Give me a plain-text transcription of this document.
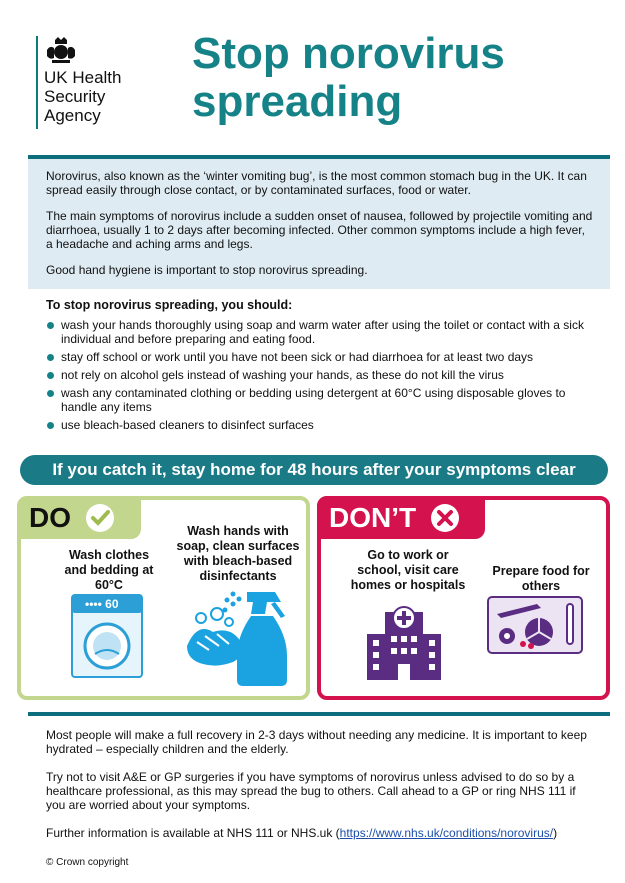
UK Health
Security
Agency
Stop norovirus
spreading

Norovirus, also known as the ‘winter vomiting bug’, is the most common stomach bug in the UK. It can spread easily through close contact, or by contaminated surfaces, food or water.

The main symptoms of norovirus include a sudden onset of nausea, followed by projectile vomiting and diarrhoea, usually 1 to 2 days after becoming infected. Other common symptoms include a high fever, a headache and aching arms and legs.

Good hand hygiene is important to stop norovirus spreading.

To stop norovirus spreading, you should:
wash your hands thoroughly using soap and warm water after using the toilet or contact with a sick individual and before preparing and eating food.
stay off school or work until you have not been sick or had diarrhoea for at least two days
not rely on alcohol gels instead of washing your hands, as these do not kill the virus
wash any contaminated clothing or bedding using detergent at 60°C using disposable gloves to handle any items
use bleach-based cleaners to disinfect surfaces
If you catch it, stay home for 48 hours after your symptoms clear
DO
Wash clothes and bedding at 60°C
Wash hands with soap, clean surfaces with bleach-based disinfectants
•••• 60
DON’T
Go to work or school, visit care homes or hospitals
Prepare food for others

Most people will make a full recovery in 2-3 days without needing any medicine. It is important to keep hydrated – especially children and the elderly.

Try not to visit A&E or GP surgeries if you have symptoms of norovirus unless advised to do so by a healthcare professional, as this may spread the bug to others. Call ahead to a GP or ring NHS 111 if you are worried about your symptoms.

Further information is available at NHS 111 or NHS.uk (https://www.nhs.uk/conditions/norovirus/)

© Crown copyright
